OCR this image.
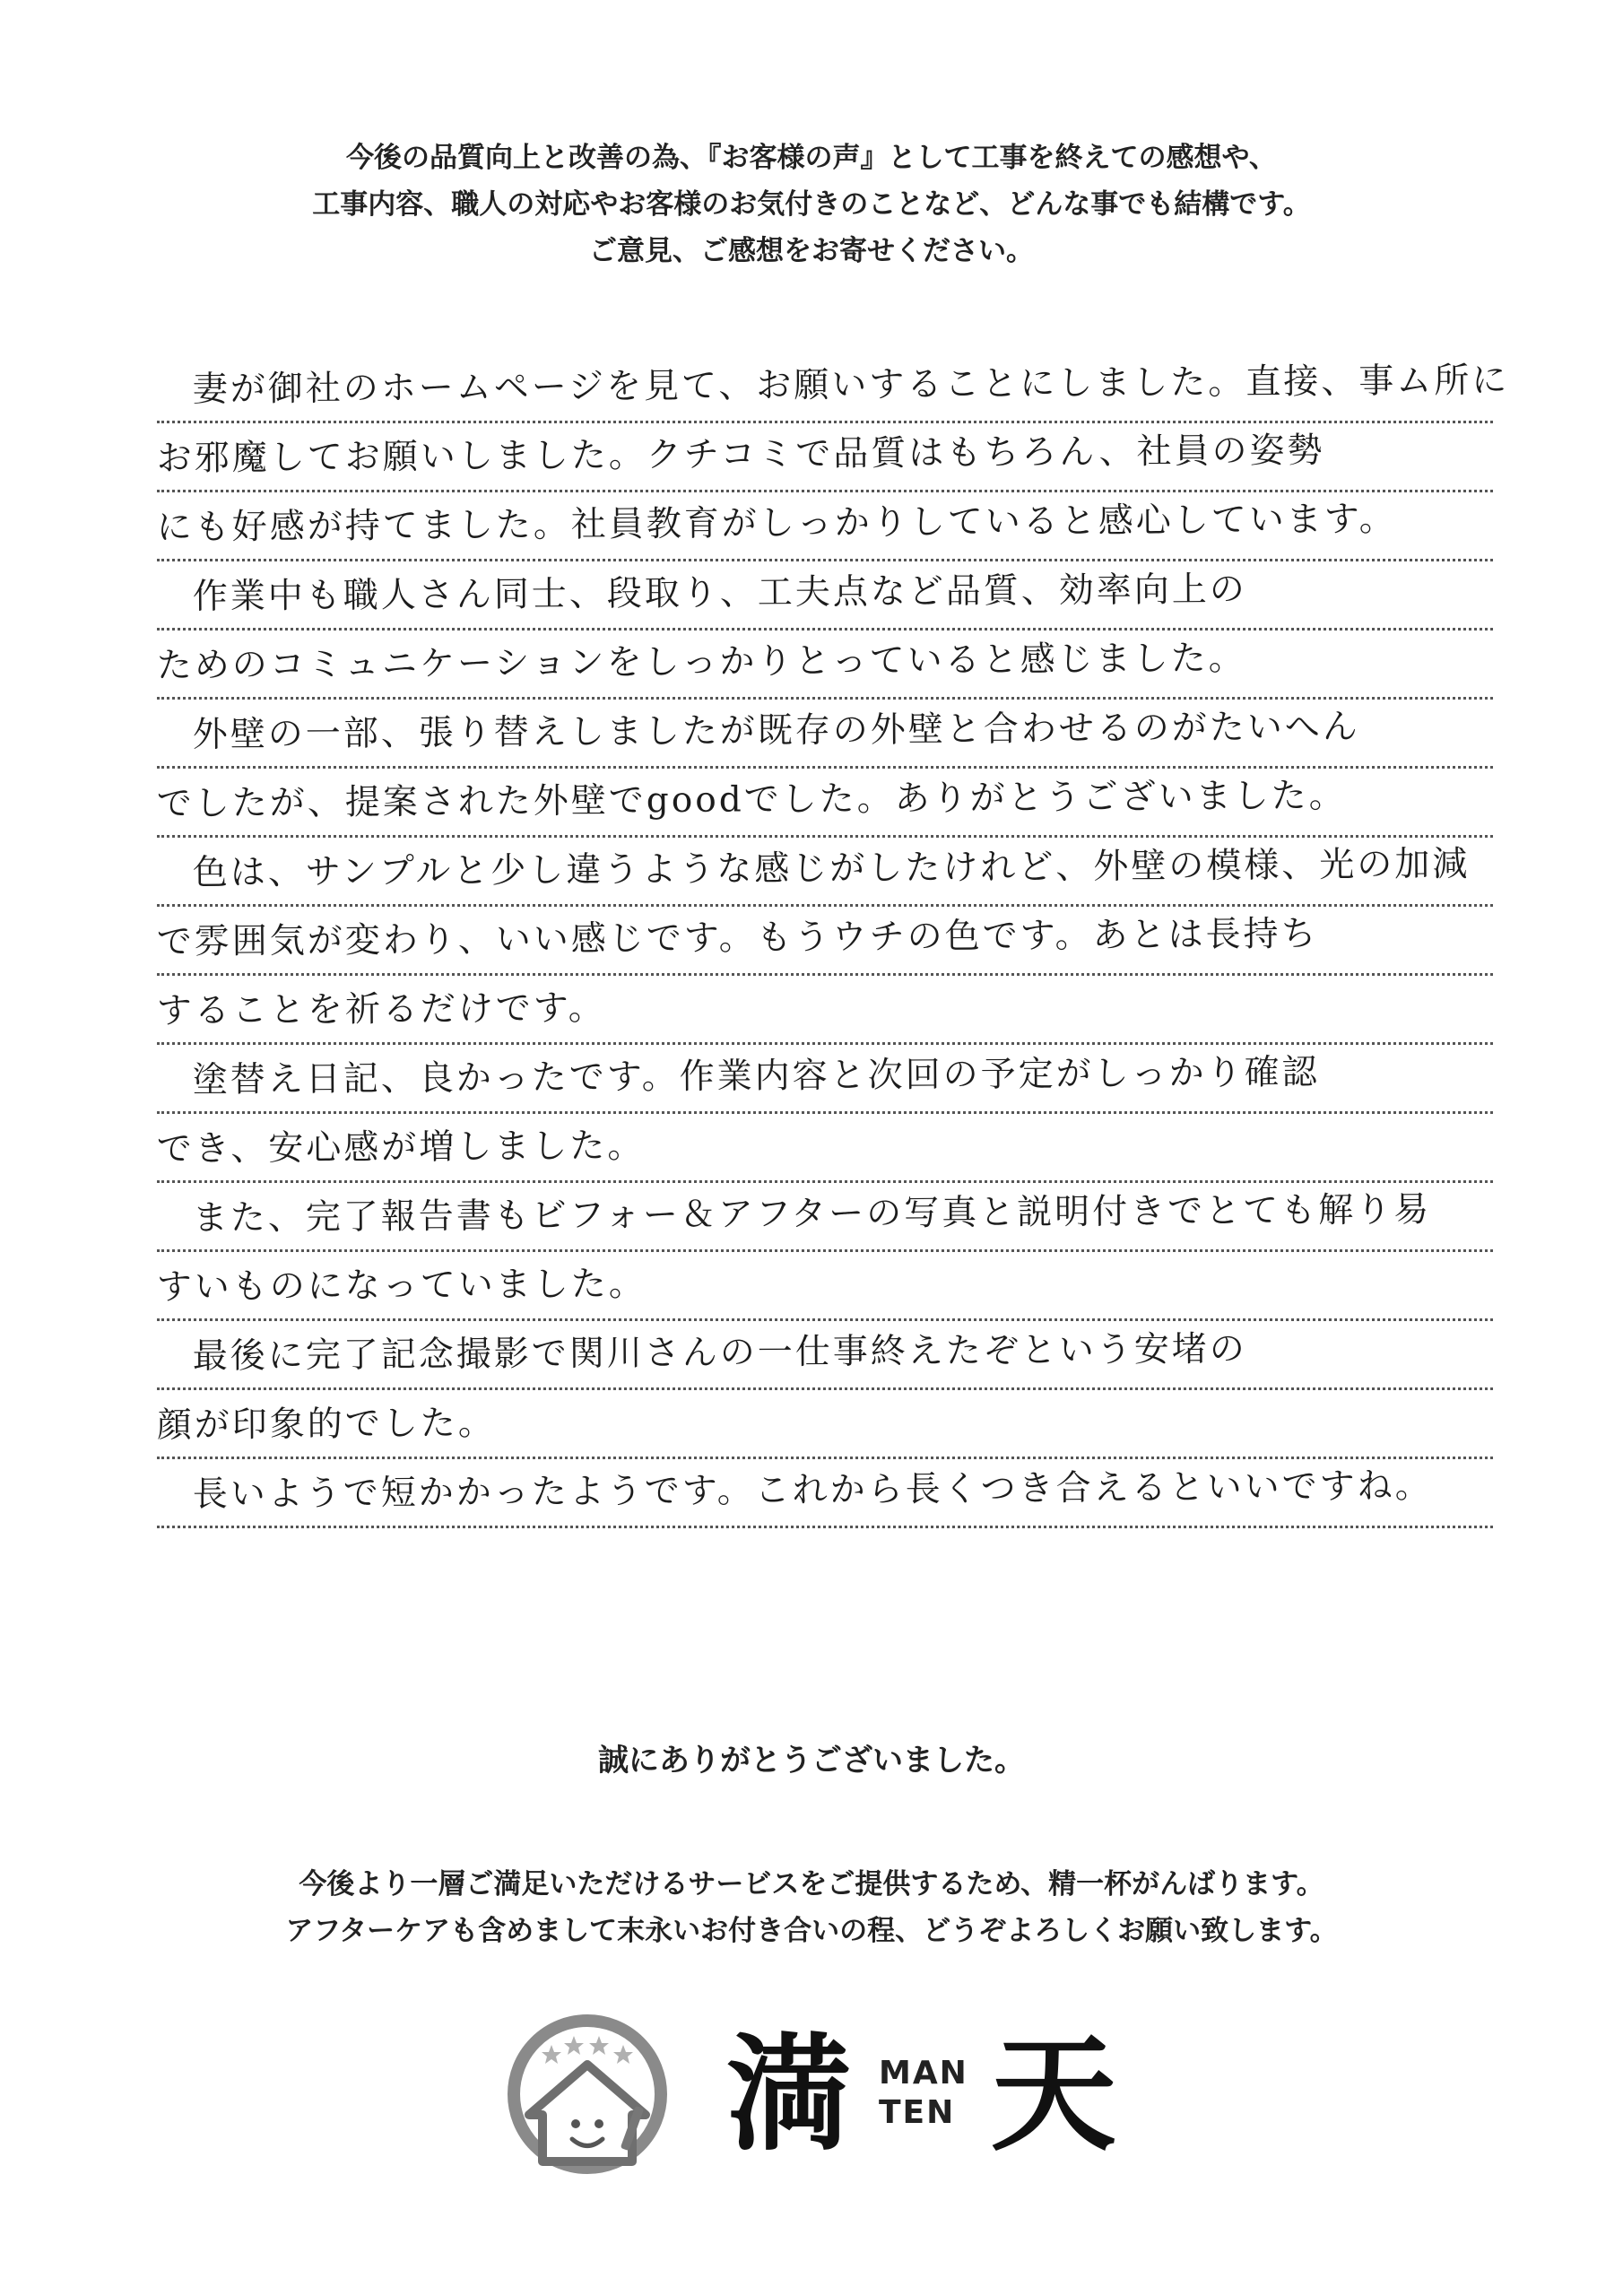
今後の品質向上と改善の為、『お客様の声』として工事を終えての感想や、
工事内容、職人の対応やお客様のお気付きのことなど、どんな事でも結構です。
ご意見、ご感想をお寄せください。
妻が御社のホームページを見て、お願いすることにしました。直接、事ム所に
お邪魔してお願いしました。クチコミで品質はもちろん、社員の姿勢
にも好感が持てました。社員教育がしっかりしていると感心しています。
作業中も職人さん同士、段取り、工夫点など品質、効率向上の
ためのコミュニケーションをしっかりとっていると感じました。
外壁の一部、張り替えしましたが既存の外壁と合わせるのがたいへん
でしたが、提案された外壁でgoodでした。ありがとうございました。
色は、サンプルと少し違うような感じがしたけれど、外壁の模様、光の加減
で雰囲気が変わり、いい感じです。もうウチの色です。あとは長持ち
することを祈るだけです。
塗替え日記、良かったです。作業内容と次回の予定がしっかり確認
でき、安心感が増しました。
また、完了報告書もビフォー＆アフターの写真と説明付きでとても解り易
すいものになっていました。
最後に完了記念撮影で関川さんの一仕事終えたぞという安堵の
顔が印象的でした。
長いようで短かかったようです。これから長くつき合えるといいですね。
誠にありがとうございました。
今後より一層ご満足いただけるサービスをご提供するため、精一杯がんばります。
アフターケアも含めまして末永いお付き合いの程、どうぞよろしくお願い致します。
満 MAN
TEN 天
